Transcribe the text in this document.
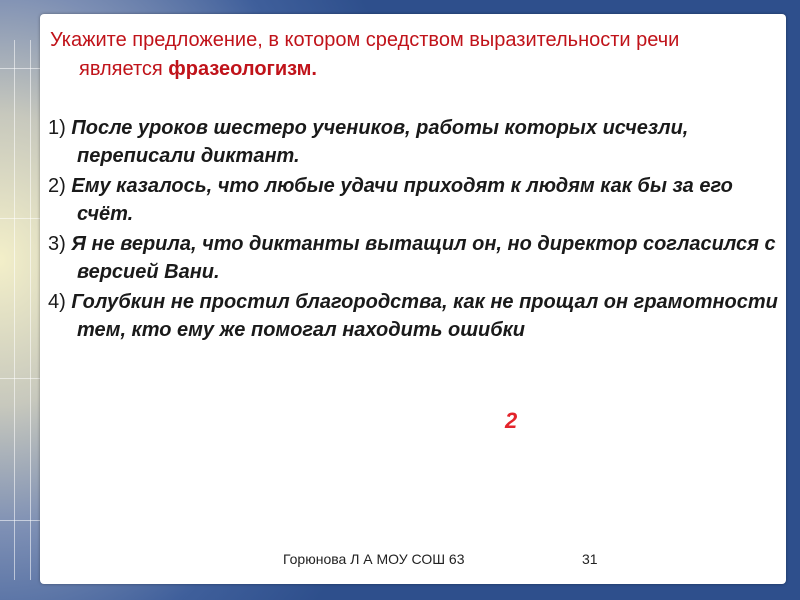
Укажите предложение, в котором средством выразительности речи
является фразеологизм.
1) После уроков шестеро учеников, работы которых исчезли, переписали диктант.
2) Ему казалось, что любые удачи приходят к людям как бы за его счёт.
3) Я не верила, что диктанты вытащил он, но директор согласился с версией Вани.
4) Голубкин не простил благородства, как не прощал он грамотности тем, кто ему же помогал находить ошибки
2
Горюнова Л А МОУ СОШ 63	31
